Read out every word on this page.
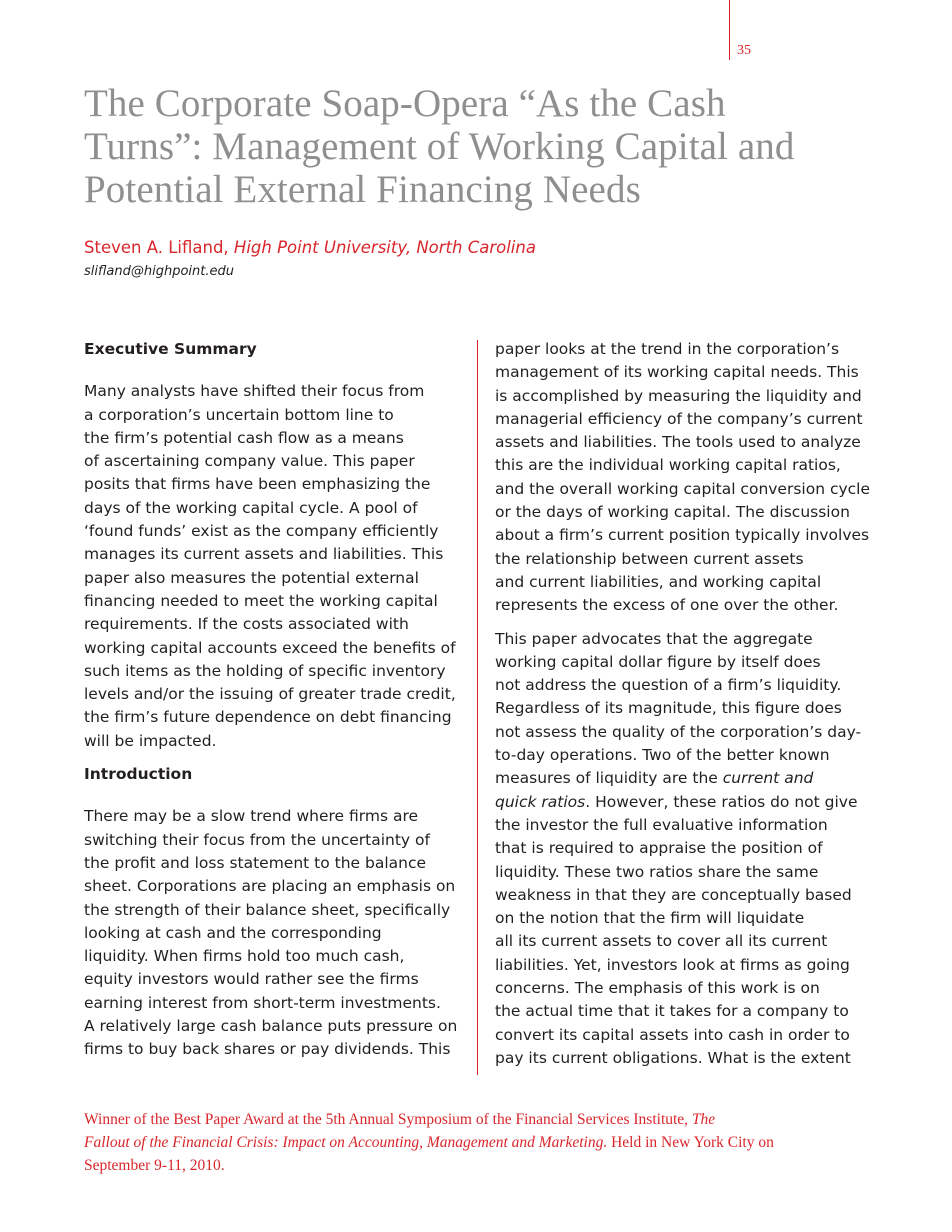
35
The Corporate Soap-Opera “As the Cash
Turns”: Management of Working Capital and
Potential External Financing Needs
Steven A. Lifland, High Point University, North Carolina
slifland@highpoint.edu
Executive Summary
Many analysts have shifted their focus from
a corporation’s uncertain bottom line to
the firm’s potential cash flow as a means
of ascertaining company value. This paper
posits that firms have been emphasizing the
days of the working capital cycle. A pool of
‘found funds’ exist as the company efficiently
manages its current assets and liabilities. This
paper also measures the potential external
financing needed to meet the working capital
requirements. If the costs associated with
working capital accounts exceed the benefits of
such items as the holding of specific inventory
levels and/or the issuing of greater trade credit,
the firm’s future dependence on debt financing
will be impacted.
Introduction
There may be a slow trend where firms are
switching their focus from the uncertainty of
the profit and loss statement to the balance
sheet. Corporations are placing an emphasis on
the strength of their balance sheet, specifically
looking at cash and the corresponding
liquidity. When firms hold too much cash,
equity investors would rather see the firms
earning interest from short-term investments.
A relatively large cash balance puts pressure on
firms to buy back shares or pay dividends. This
paper looks at the trend in the corporation’s
management of its working capital needs. This
is accomplished by measuring the liquidity and
managerial efficiency of the company’s current
assets and liabilities. The tools used to analyze
this are the individual working capital ratios,
and the overall working capital conversion cycle
or the days of working capital. The discussion
about a firm’s current position typically involves
the relationship between current assets
and current liabilities, and working capital
represents the excess of one over the other.
This paper advocates that the aggregate
working capital dollar figure by itself does
not address the question of a firm’s liquidity.
Regardless of its magnitude, this figure does
not assess the quality of the corporation’s day-
to-day operations. Two of the better known
measures of liquidity are the current and
quick ratios. However, these ratios do not give
the investor the full evaluative information
that is required to appraise the position of
liquidity. These two ratios share the same
weakness in that they are conceptually based
on the notion that the firm will liquidate
all its current assets to cover all its current
liabilities. Yet, investors look at firms as going
concerns. The emphasis of this work is on
the actual time that it takes for a company to
convert its capital assets into cash in order to
pay its current obligations. What is the extent
Winner of the Best Paper Award at the 5th Annual Symposium of the Financial Services Institute, The
Fallout of the Financial Crisis: Impact on Accounting, Management and Marketing. Held in New York City on
September 9-11, 2010.
